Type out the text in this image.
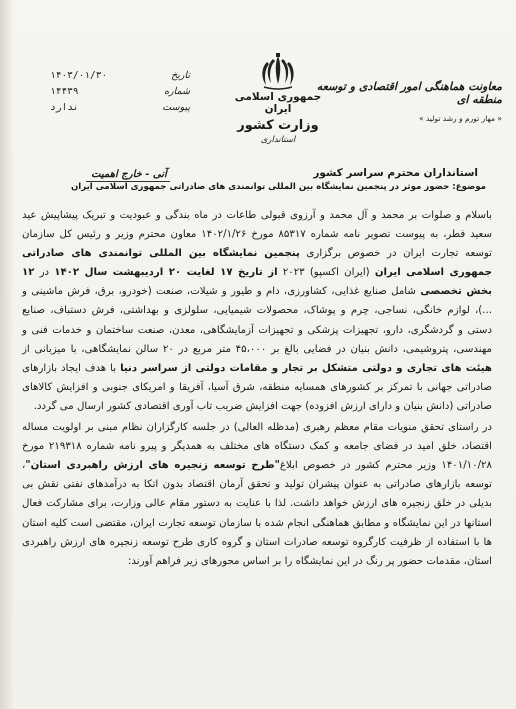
تاریخ
۱۴۰۳/۰۱/۳۰
شماره
۱۴۴۳۹
پیوست
ندارد
جمهوری اسلامی ایران
وزارت کشور
استانداری
معاونت هماهنگی امور اقتصادی و توسعه منطقه ای
« مهار تورم و رشد تولید »
آنی - خارج اهمیت	استانداران محترم سراسر کشور
موضوع: حضور موثر در پنجمین نمایشگاه بین المللی توانمندی های صادراتی جمهوری اسلامی ایران

باسلام و صلوات بر محمد و آل محمد و آرزوی قبولی طاعات در ماه بندگی و عبودیت و تبریک پیشاپیش عید سعید فطر، به پیوست تصویر نامه شماره ۸۵۳۱۷ مورخ ۱۴۰۲/۱/۲۶ معاون محترم وزیر و رئیس کل سازمان توسعه تجارت ایران در خصوص برگزاری پنجمین نمایشگاه بین المللی توانمندی های صادراتی جمهوری اسلامی ایران (ایران اکسپو) ۲۰۲۳ از تاریخ ۱۷ لغایت ۲۰ اردیبهشت سال ۱۴۰۲ در ۱۲ بخش تخصصی شامل صنایع غذایی، کشاورزی، دام و طیور و شیلات، صنعت (خودرو، برق، فرش ماشینی و ...)، لوازم خانگی، نساجی، چرم و پوشاک، محصولات شیمیایی، سلولزی و بهداشتی، فرش دستباف، صنایع دستی و گردشگری، دارو، تجهیزات پزشکی و تجهیزات آزمایشگاهی، معدن، صنعت ساختمان و خدمات فنی و مهندسی، پتروشیمی، دانش بنیان در فضایی بالغ بر ۴۵،۰۰۰ متر مربع در ۲۰ سالن نمایشگاهی، با میزبانی از هیئت های تجاری و دولتی متشکل بر تجار و مقامات دولتی از سراسر دنیا با هدف ایجاد بازارهای صادراتی جهانی با تمرکز بر کشورهای همسایه منطقه، شرق آسیا، آفریقا و امریکای جنوبی و افزایش کالاهای صادراتی (دانش بنیان و دارای ارزش افزوده) جهت افزایش ضریب تاب آوری اقتصادی کشور ارسال می گردد.

در راستای تحقق منویات مقام معظم رهبری (مدظله العالی) در جلسه کارگزاران نظام مبنی بر اولویت مساله اقتصاد، خلق امید در فضای جامعه و کمک دستگاه های مختلف به همدیگر و پیرو نامه شماره ۲۱۹۳۱۸ مورخ ۱۴۰۱/۱۰/۲۸ وزیر محترم کشور در خصوص ابلاغ"طرح توسعه زنجیره های ارزش راهبردی استان"، توسعه بازارهای صادراتی به عنوان پیشران تولید و تحقق آرمان اقتصاد بدون اتکا به درآمدهای نفتی نقش بی بدیلی در خلق زنجیره های ارزش خواهد داشت. لذا با عنایت به دستور مقام عالی وزارت، برای مشارکت فعال استانها در این نمایشگاه و مطابق هماهنگی انجام شده با سازمان توسعه تجارت ایران، مقتضی است کلیه استان ها با استفاده از ظرفیت کارگروه توسعه صادرات استان و گروه کاری طرح توسعه زنجیره های ارزش راهبردی استان، مقدمات حضور پر رنگ در این نمایشگاه را بر اساس محورهای زیر فراهم آورند:
